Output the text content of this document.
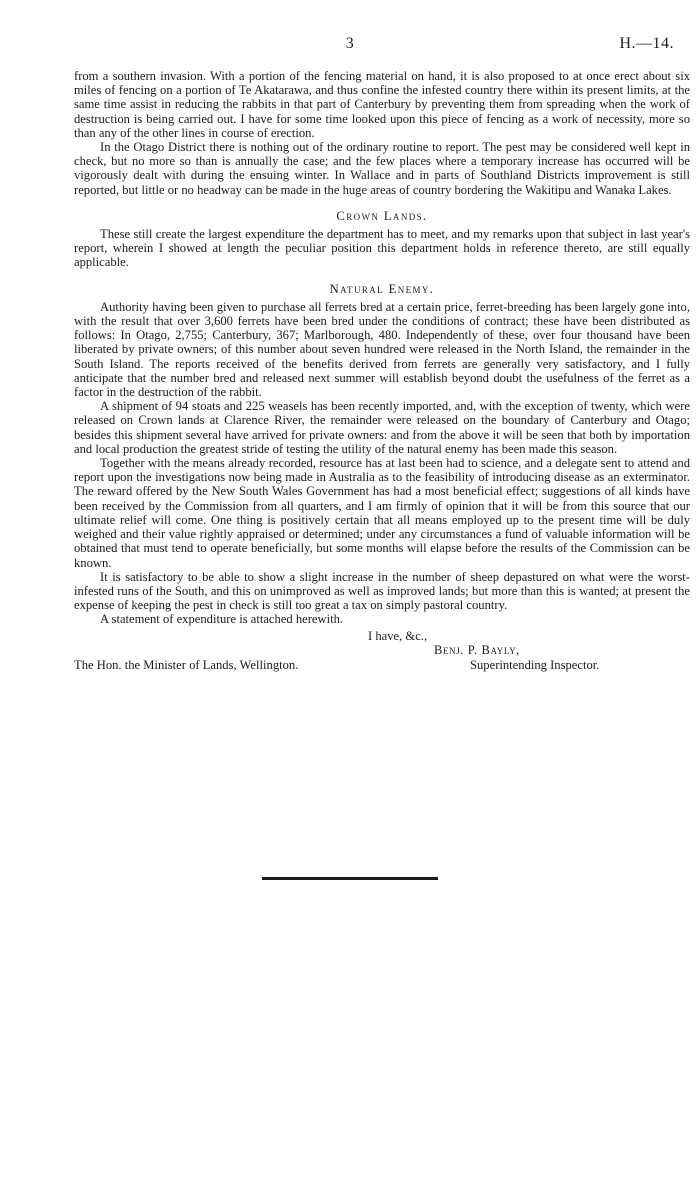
3	H.—14.

from a southern invasion. With a portion of the fencing material on hand, it is also proposed to at once erect about six miles of fencing on a portion of Te Akatarawa, and thus confine the infested country there within its present limits, at the same time assist in reducing the rabbits in that part of Canterbury by preventing them from spreading when the work of destruction is being carried out. I have for some time looked upon this piece of fencing as a work of necessity, more so than any of the other lines in course of erection.

In the Otago District there is nothing out of the ordinary routine to report. The pest may be considered well kept in check, but no more so than is annually the case; and the few places where a temporary increase has occurred will be vigorously dealt with during the ensuing winter. In Wallace and in parts of Southland Districts improvement is still reported, but little or no headway can be made in the huge areas of country bordering the Wakitipu and Wanaka Lakes.

Crown Lands.

These still create the largest expenditure the department has to meet, and my remarks upon that subject in last year's report, wherein I showed at length the peculiar position this department holds in reference thereto, are still equally applicable.

Natural Enemy.

Authority having been given to purchase all ferrets bred at a certain price, ferret-breeding has been largely gone into, with the result that over 3,600 ferrets have been bred under the conditions of contract; these have been distributed as follows: In Otago, 2,755; Canterbury, 367; Marlborough, 480. Independently of these, over four thousand have been liberated by private owners; of this number about seven hundred were released in the North Island, the remainder in the South Island. The reports received of the benefits derived from ferrets are generally very satisfactory, and I fully anticipate that the number bred and released next summer will establish beyond doubt the usefulness of the ferret as a factor in the destruction of the rabbit.

A shipment of 94 stoats and 225 weasels has been recently imported, and, with the exception of twenty, which were released on Crown lands at Clarence River, the remainder were released on the boundary of Canterbury and Otago; besides this shipment several have arrived for private owners: and from the above it will be seen that both by importation and local production the greatest stride of testing the utility of the natural enemy has been made this season.

Together with the means already recorded, resource has at last been had to science, and a delegate sent to attend and report upon the investigations now being made in Australia as to the feasibility of introducing disease as an exterminator. The reward offered by the New South Wales Government has had a most beneficial effect; suggestions of all kinds have been received by the Commission from all quarters, and I am firmly of opinion that it will be from this source that our ultimate relief will come. One thing is positively certain that all means employed up to the present time will be duly weighed and their value rightly appraised or determined; under any circumstances a fund of valuable information will be obtained that must tend to operate beneficially, but some months will elapse before the results of the Commission can be known.

It is satisfactory to be able to show a slight increase in the number of sheep depastured on what were the worst-infested runs of the South, and this on unimproved as well as improved lands; but more than this is wanted; at present the expense of keeping the pest in check is still too great a tax on simply pastoral country.

A statement of expenditure is attached herewith.

I have, &c.,
Benj. P. Bayly,
The Hon. the Minister of Lands, Wellington.	Superintending Inspector.
